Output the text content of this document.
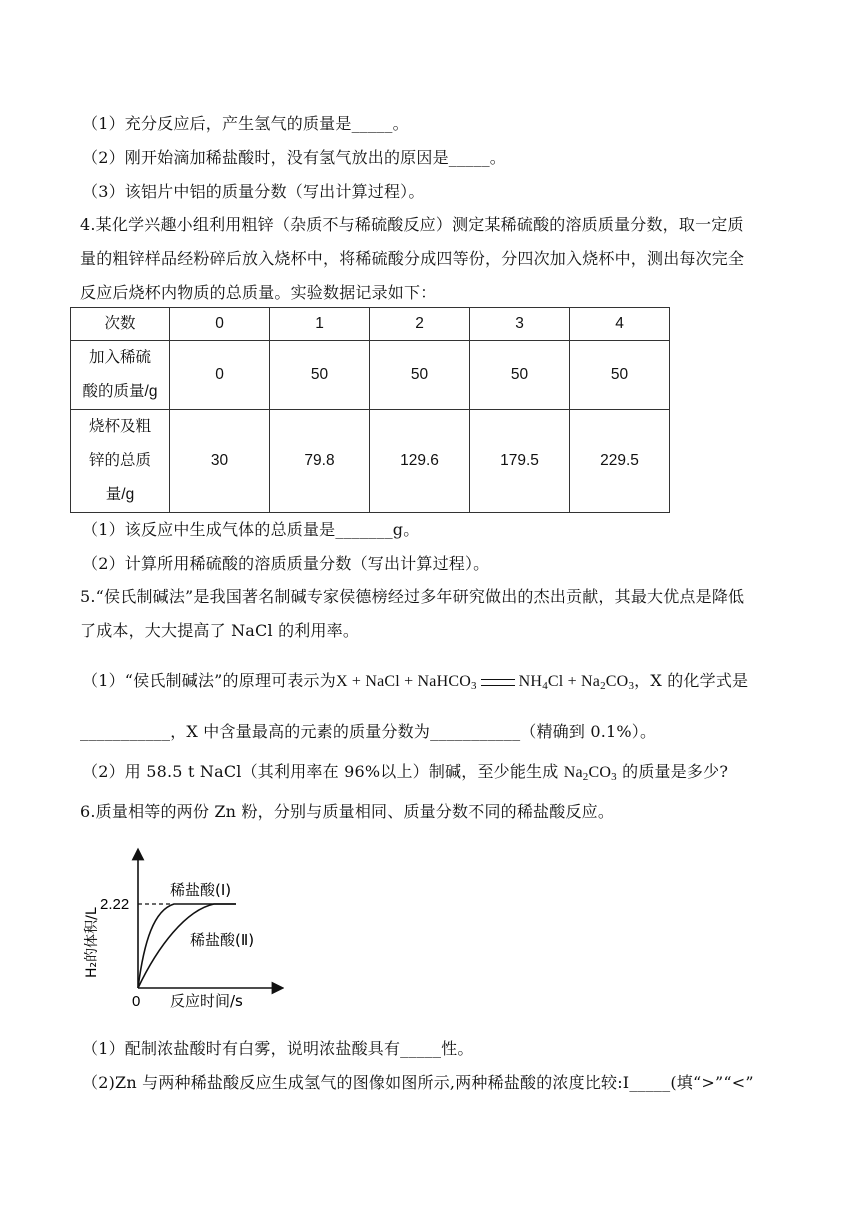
（1）充分反应后，产生氢气的质量是_____。
（2）刚开始滴加稀盐酸时，没有氢气放出的原因是_____。
（3）该铝片中铝的质量分数（写出计算过程）。
4.某化学兴趣小组利用粗锌（杂质不与稀硫酸反应）测定某稀硫酸的溶质质量分数，取一定质
量的粗锌样品经粉碎后放入烧杯中，将稀硫酸分成四等份，分四次加入烧杯中，测出每次完全
反应后烧杯内物质的总质量。实验数据记录如下：
次数	0	1	2	3	4

加入稀硫
酸的质量/g	0	50	50	50	50

烧杯及粗
锌的总质
量/g	30	79.8	129.6	179.5	229.5
（1）该反应中生成气体的总质量是_______g。
（2）计算所用稀硫酸的溶质质量分数（写出计算过程）。
5.“侯氏制碱法”是我国著名制碱专家侯德榜经过多年研究做出的杰出贡献，其最大优点是降低
了成本，大大提高了 NaCl 的利用率。
（1）“侯氏制碱法”的原理可表示为X + NaCl + NaHCO$_3$	$NH_4Cl + Na_2CO_3$，X 的化学式是
___________，X 中含量最高的元素的质量分数为___________（精确到 0.1%）。
（2）用 58.5 t NaCl（其利用率在 96%以上）制碱，至少能生成 $Na_2CO_3$ 的质量是多少?
6.质量相等的两份 Zn 粉，分别与质量相同、质量分数不同的稀盐酸反应。
2.22
0 反应时间/s
稀盐酸(Ⅰ)
稀盐酸(Ⅱ)
H₂的体积/L
（1）配制浓盐酸时有白雾，说明浓盐酸具有_____性。
（2)Zn 与两种稀盐酸反应生成氢气的图像如图所示,两种稀盐酸的浓度比较:I_____(填“>”“<”
